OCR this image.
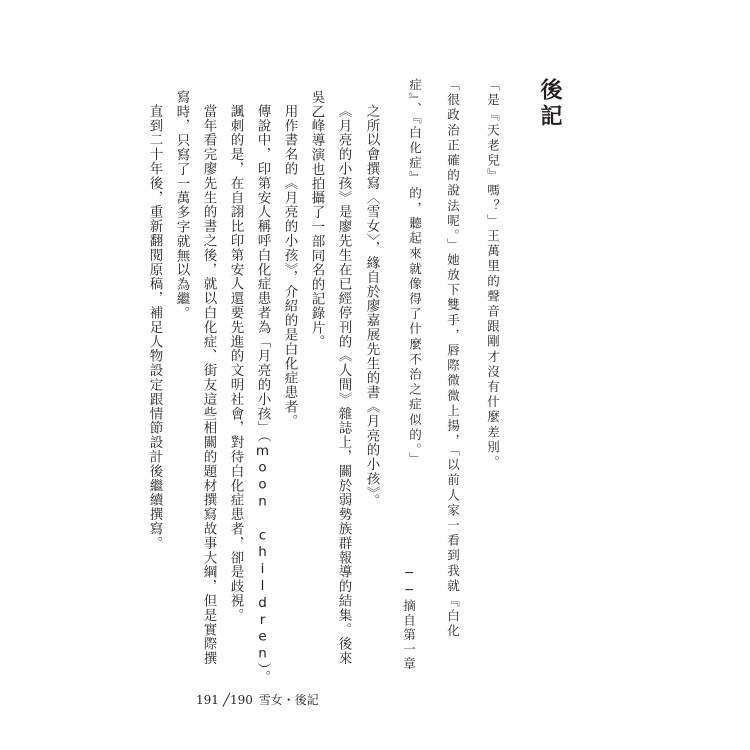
後記
「是『天老兒』嗎？」王萬里的聲音跟剛才沒有什麼差別。
「很政治正確的說法呢。」她放下雙手，唇際微微上揚，「以前人家一看到我就『白化
症』、『白化症』的，聽起來就像得了什麼不治之症似的。」
──摘自第一章
之所以會撰寫〈雪女〉，緣自於廖嘉展先生的書《月亮的小孩》。
《月亮的小孩》是廖先生在已經停刊的《人間》雜誌上，關於弱勢族群報導的結集。後來
吳乙峰導演也拍攝了一部同名的記錄片。
用作書名的《月亮的小孩》，介紹的是白化症患者。
傳說中，印第安人稱呼白化症患者為「月亮的小孩」（moon children）。
諷刺的是，在自詡比印第安人還要先進的文明社會，對待白化症患者，卻是歧視。
當年看完廖先生的書之後，就以白化症、街友這些相關的題材撰寫故事大綱，但是實際撰
寫時，只寫了一萬多字就無以為繼。
直到二十年後，重新翻閱原稿，補足人物設定跟情節設計後繼續撰寫。
191 ╱190 雪女・後記
